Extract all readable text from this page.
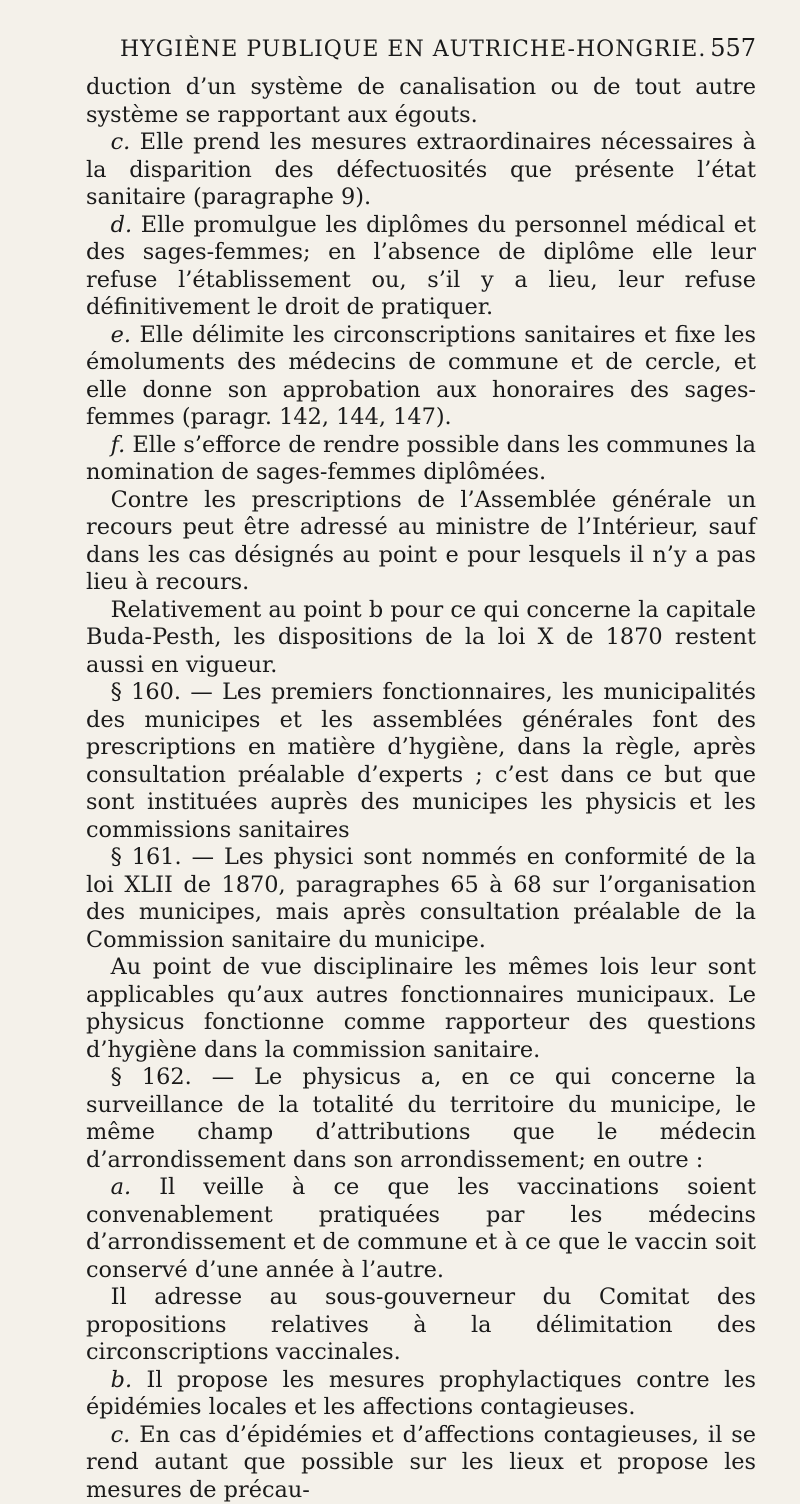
HYGIÈNE PUBLIQUE EN AUTRICHE-HONGRIE. 557

duction d’un système de canalisation ou de tout autre système se rapportant aux égouts.

c. Elle prend les mesures extraordinaires nécessaires à la disparition des défectuosités que présente l’état sanitaire (paragraphe 9).

d. Elle promulgue les diplômes du personnel médical et des sages-femmes; en l’absence de diplôme elle leur refuse l’établissement ou, s’il y a lieu, leur refuse définitivement le droit de pratiquer.

e. Elle délimite les circonscriptions sanitaires et fixe les émoluments des médecins de commune et de cercle, et elle donne son approbation aux honoraires des sages-femmes (paragr. 142, 144, 147).

f. Elle s’efforce de rendre possible dans les communes la nomination de sages-femmes diplômées.

Contre les prescriptions de l’Assemblée générale un recours peut être adressé au ministre de l’Intérieur, sauf dans les cas désignés au point e pour lesquels il n’y a pas lieu à recours.

Relativement au point b pour ce qui concerne la capitale Buda-Pesth, les dispositions de la loi X de 1870 restent aussi en vigueur.

§ 160. — Les premiers fonctionnaires, les municipalités des municipes et les assemblées générales font des prescriptions en matière d’hygiène, dans la règle, après consultation préalable d’experts ; c’est dans ce but que sont instituées auprès des municipes les physicis et les commissions sanitaires

§ 161. — Les physici sont nommés en conformité de la loi XLII de 1870, paragraphes 65 à 68 sur l’organisation des municipes, mais après consultation préalable de la Commission sanitaire du municipe.

Au point de vue disciplinaire les mêmes lois leur sont applicables qu’aux autres fonctionnaires municipaux. Le physicus fonctionne comme rapporteur des questions d’hygiène dans la commission sanitaire.

§ 162. — Le physicus a, en ce qui concerne la surveillance de la totalité du territoire du municipe, le même champ d’attributions que le médecin d’arrondissement dans son arrondissement; en outre :

a. Il veille à ce que les vaccinations soient convenablement pratiquées par les médecins d’arrondissement et de commune et à ce que le vaccin soit conservé d’une année à l’autre.

Il adresse au sous-gouverneur du Comitat des propositions relatives à la délimitation des circonscriptions vaccinales.

b. Il propose les mesures prophylactiques contre les épidémies locales et les affections contagieuses.

c. En cas d’épidémies et d’affections contagieuses, il se rend autant que possible sur les lieux et propose les mesures de précau-
